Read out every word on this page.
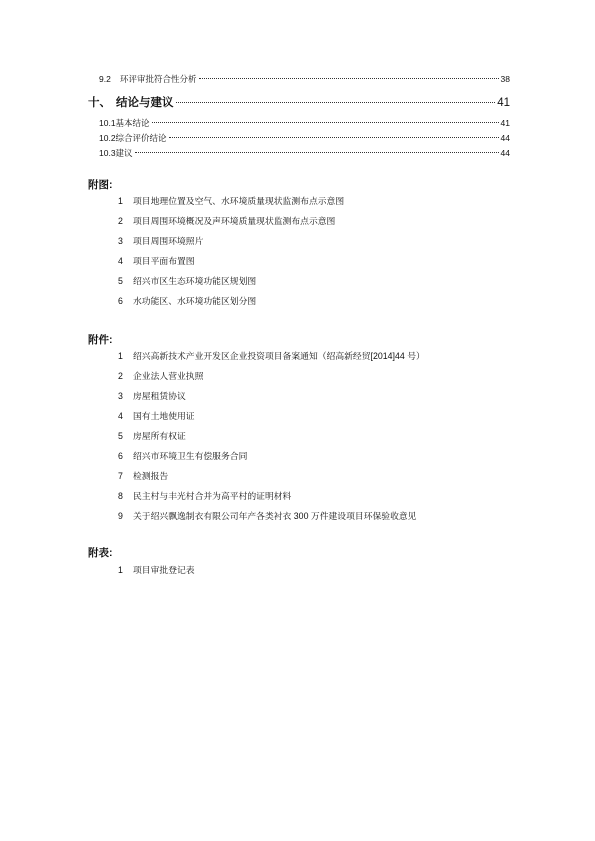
9.2	环评审批符合性分析	38
十、 结论与建议	41
10.1 基本结论	41
10.2 综合评价结论	44
10.3 建议	44
附图:
1	项目地理位置及空气、水环境质量现状监测布点示意图
2	项目周围环境概况及声环境质量现状监测布点示意图
3	项目周围环境照片
4	项目平面布置图
5	绍兴市区生态环境功能区规划图
6	水功能区、水环境功能区划分图
附件:
1	绍兴高新技术产业开发区企业投资项目备案通知（绍高新经贸[2014]44 号）
2	企业法人营业执照
3	房屋租赁协议
4	国有土地使用证
5	房屋所有权证
6	绍兴市环境卫生有偿服务合同
7	检测报告
8	民主村与丰光村合并为高平村的证明材料
9	关于绍兴飘逸制衣有限公司年产各类衬衣 300 万件建设项目环保验收意见
附表:
1	项目审批登记表
